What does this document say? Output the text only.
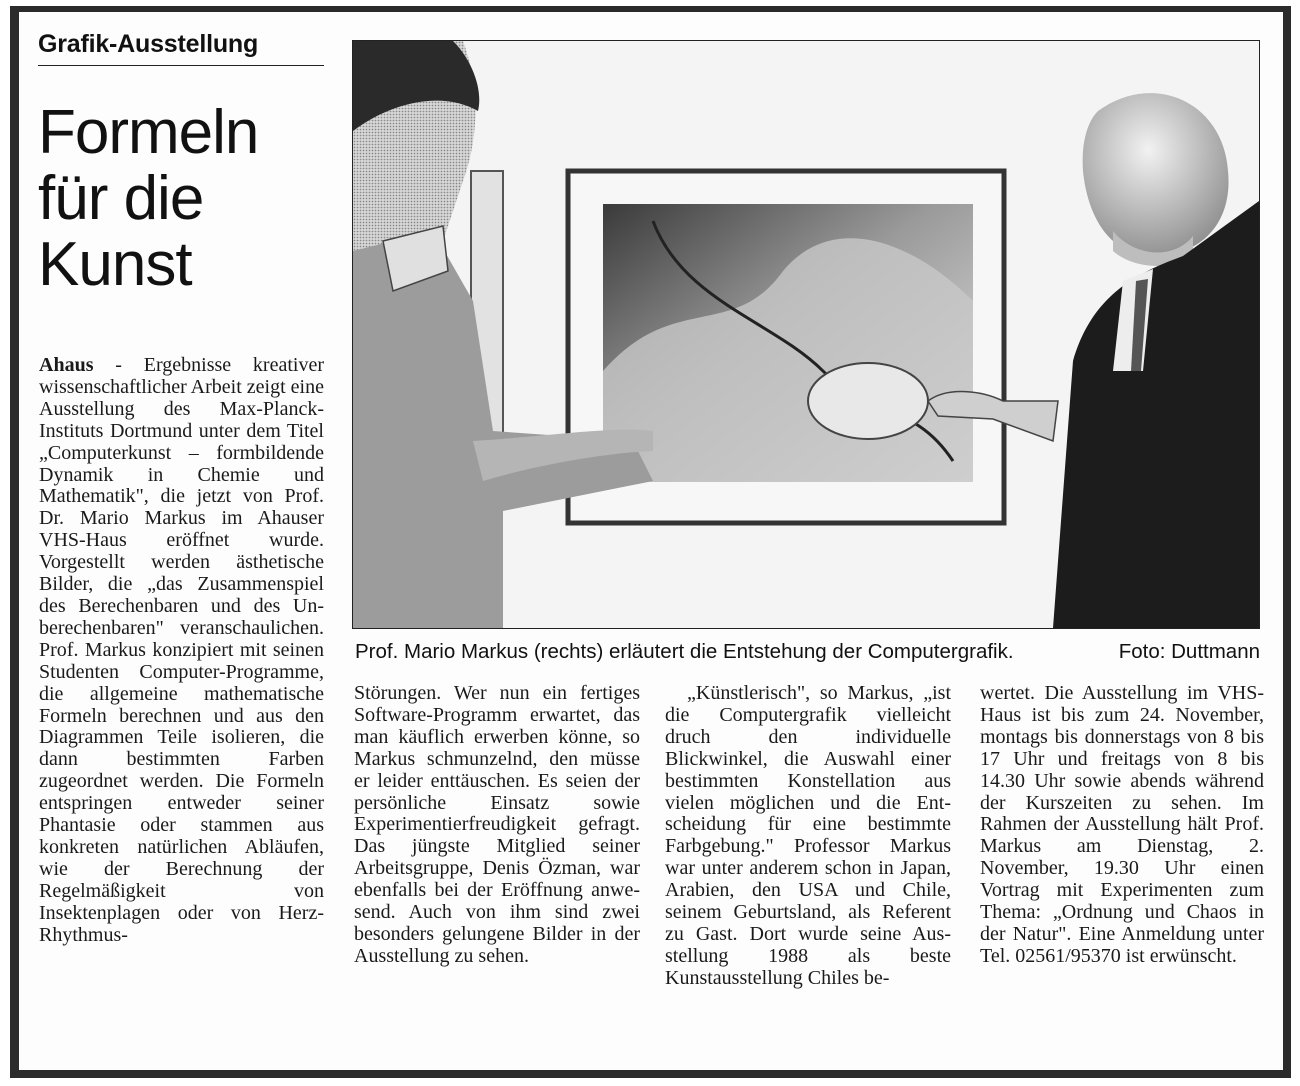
Grafik-Ausstellung
Formeln
für die
Kunst

Ahaus - Ergebnisse kreativer wissenschaftlicher Arbeit zeigt eine Ausstellung des Max-Planck-Instituts Dortmund unter dem Titel „Computerkunst – formbildende Dynamik in Chemie und Mathematik", die jetzt von Prof. Dr. Mario Markus im Ahauser VHS-Haus eröffnet wurde. Vorgestellt werden ästhetische Bilder, die „das Zusammenspiel des Berechenbaren und des Unberechenbaren" veranschaulichen. Prof. Markus konzipiert mit seinen Studenten Computer-Programme, die allgemeine mathematische Formeln berechnen und aus den Diagrammen Teile isolieren, die dann bestimmten Farben zugeordnet werden. Die Formeln entspringen entweder seiner Phantasie oder stammen aus konkreten natürlichen Abläufen, wie der Berechnung der Regelmäßigkeit von Insektenplagen oder von Herz-Rhythmus-

Prof. Mario Markus (rechts) erläutert die Entstehung der Computergrafik.	Foto: Duttmann

Störungen. Wer nun ein fertiges Software-Programm erwartet, das man käuflich erwerben könne, so Markus schmunzelnd, den müsse er leider enttäuschen. Es seien der persönliche Einsatz sowie Experimentierfreudigkeit gefragt. Das jüngste Mitglied seiner Arbeitsgruppe, Denis Özman, war ebenfalls bei der Eröffnung anwesend. Auch von ihm sind zwei besonders gelungene Bilder in der Ausstellung zu sehen.

„Künstlerisch", so Markus, „ist die Computergrafik vielleicht druch den individuelle Blickwinkel, die Auswahl einer bestimmten Konstellation aus vielen möglichen und die Entscheidung für eine bestimmte Farbgebung." Professor Markus war unter anderem schon in Japan, Arabien, den USA und Chile, seinem Geburtsland, als Referent zu Gast. Dort wurde seine Ausstellung 1988 als beste Kunstausstellung Chiles be-

wertet. Die Ausstellung im VHS-Haus ist bis zum 24. November, montags bis donnerstags von 8 bis 17 Uhr und freitags von 8 bis 14.30 Uhr sowie abends während der Kurszeiten zu sehen. Im Rahmen der Ausstellung hält Prof. Markus am Dienstag, 2. November, 19.30 Uhr einen Vortrag mit Experimenten zum Thema: „Ordnung und Chaos in der Natur". Eine Anmeldung unter Tel. 02561/95370 ist erwünscht.
